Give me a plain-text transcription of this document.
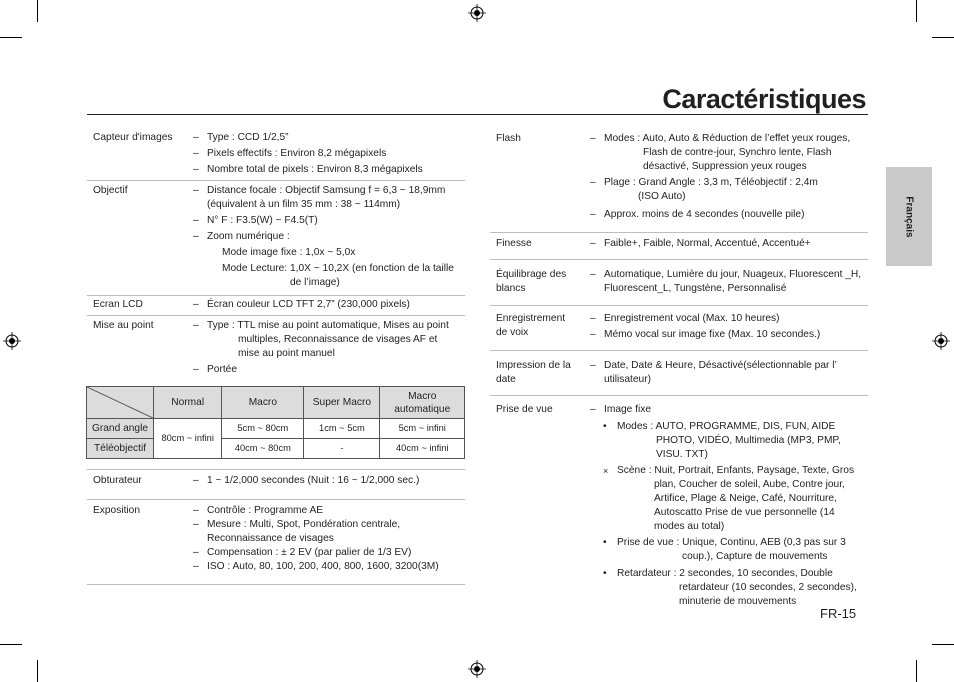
Caractéristiques
Français
Capteur d'images – Type : CCD 1/2,5”
– Pixels effectifs : Environ 8,2 mégapixels
– Nombre total de pixels : Environ 8,3 mégapixels
Objectif	– Distance focale : Objectif Samsung f = 6,3 ~ 18,9mm
(équivalent à un film 35 mm : 38 ~ 114mm)
– N° F : F3.5(W) ~ F4.5(T)
– Zoom numérique :
Mode image fixe : 1,0x ~ 5,0x
Mode Lecture: 1,0X ~ 10,2X (en fonction de la taille
de l’image)
Ecran LCD	– Écran couleur LCD TFT 2,7” (230,000 pixels)
Mise au point	– Type : TTL mise au point automatique, Mises au point
multiples, Reconnaissance de visages AF et
mise au point manuel
– Portée
	Normal	Macro	Super Macro	Macro automatique
Grand angle	80cm ~ infini	5cm ~ 80cm	1cm ~ 5cm	5cm ~ infini
Téléobjectif		40cm ~ 80cm	-	40cm ~ infini
Obturateur	– 1 ~ 1/2,000 secondes (Nuit : 16 ~ 1/2,000 sec.)
Exposition	– Contrôle : Programme AE
– Mesure : Multi, Spot, Pondération centrale,
Reconnaissance de visages
– Compensation : ± 2 EV (par palier de 1/3 EV)
– ISO : Auto, 80, 100, 200, 400, 800, 1600, 3200(3M)
Flash	– Modes : Auto, Auto & Réduction de l’effet yeux rouges,
Flash de contre-jour, Synchro lente, Flash
désactivé, Suppression yeux rouges
– Plage : Grand Angle : 3,3 m, Téléobjectif : 2,4m
(ISO Auto)
– Approx. moins de 4 secondes (nouvelle pile)
Finesse	– Faible+, Faible, Normal, Accentué, Accentué+
Équilibrage des
blancs
– Automatique, Lumière du jour, Nuageux, Fluorescent _H,
Fluorescent_L, Tungstène, Personnalisé
Enregistrement
de voix
– Enregistrement vocal (Max. 10 heures)
– Mémo vocal sur image fixe (Max. 10 secondes.)
Impression de la
date
– Date, Date & Heure, Désactivé(sélectionnable par l’
utilisateur)
Prise de vue	– Image fixe
•	Modes : AUTO, PROGRAMME, DIS, FUN, AIDE
PHOTO, VIDÉO, Multimedia (MP3, PMP,
VISU. TXT)
× Scène : Nuit, Portrait, Enfants, Paysage, Texte, Gros
plan, Coucher de soleil, Aube, Contre jour,
Artifice, Plage & Neige, Café, Nourriture,
Autoscatto Prise de vue personnelle (14
modes au total)
•	Prise de vue : Unique, Continu, AEB (0,3 pas sur 3
coup.), Capture de mouvements
•	Retardateur : 2 secondes, 10 secondes, Double
retardateur (10 secondes, 2 secondes),
minuterie de mouvements
FR-15
